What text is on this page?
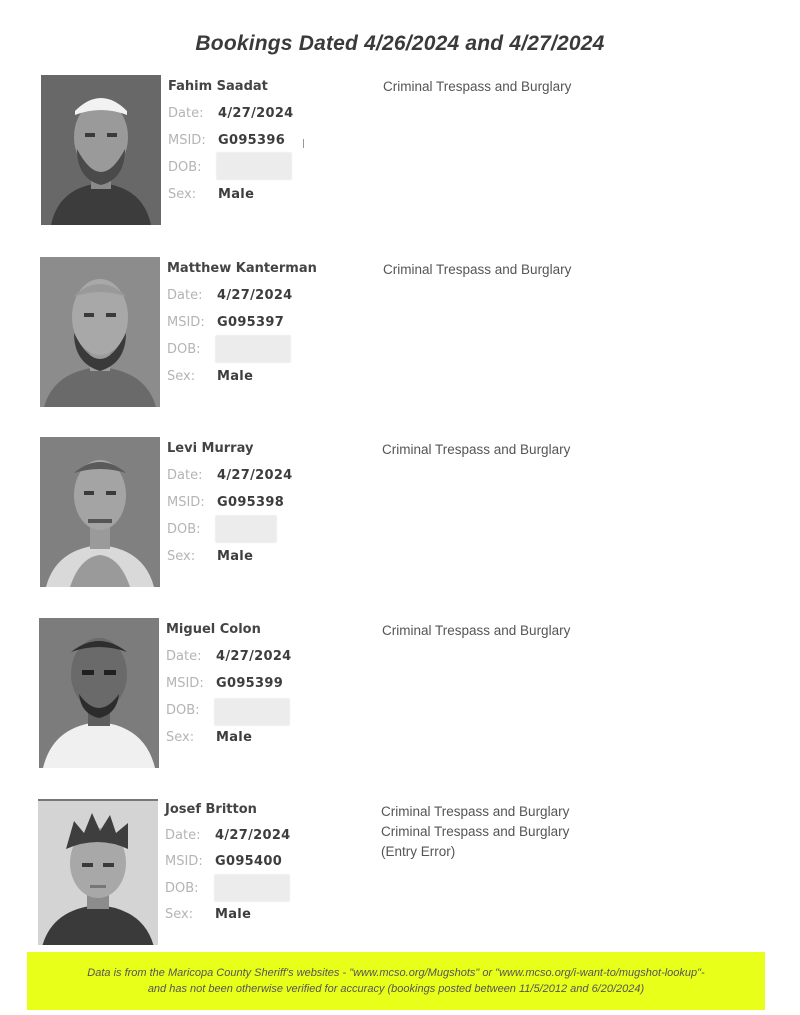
Bookings Dated 4/26/2024 and 4/27/2024
Fahim Saadat
Date: 4/27/2024
MSID: G095396
DOB:
Sex: Male
Criminal Trespass and Burglary
Matthew Kanterman
Date: 4/27/2024
MSID: G095397
DOB:
Sex: Male
Criminal Trespass and Burglary
Levi Murray
Date: 4/27/2024
MSID: G095398
DOB:
Sex: Male
Criminal Trespass and Burglary
Miguel Colon
Date: 4/27/2024
MSID: G095399
DOB:
Sex: Male
Criminal Trespass and Burglary
Josef Britton
Date: 4/27/2024
MSID: G095400
DOB:
Sex: Male
Criminal Trespass and Burglary
Criminal Trespass and Burglary
(Entry Error)
Data is from the Maricopa County Sheriff's websites - "www.mcso.org/Mugshots" or "www.mcso.org/i-want-to/mugshot-lookup"-
and has not been otherwise verified for accuracy (bookings posted between 11/5/2012 and 6/20/2024)
